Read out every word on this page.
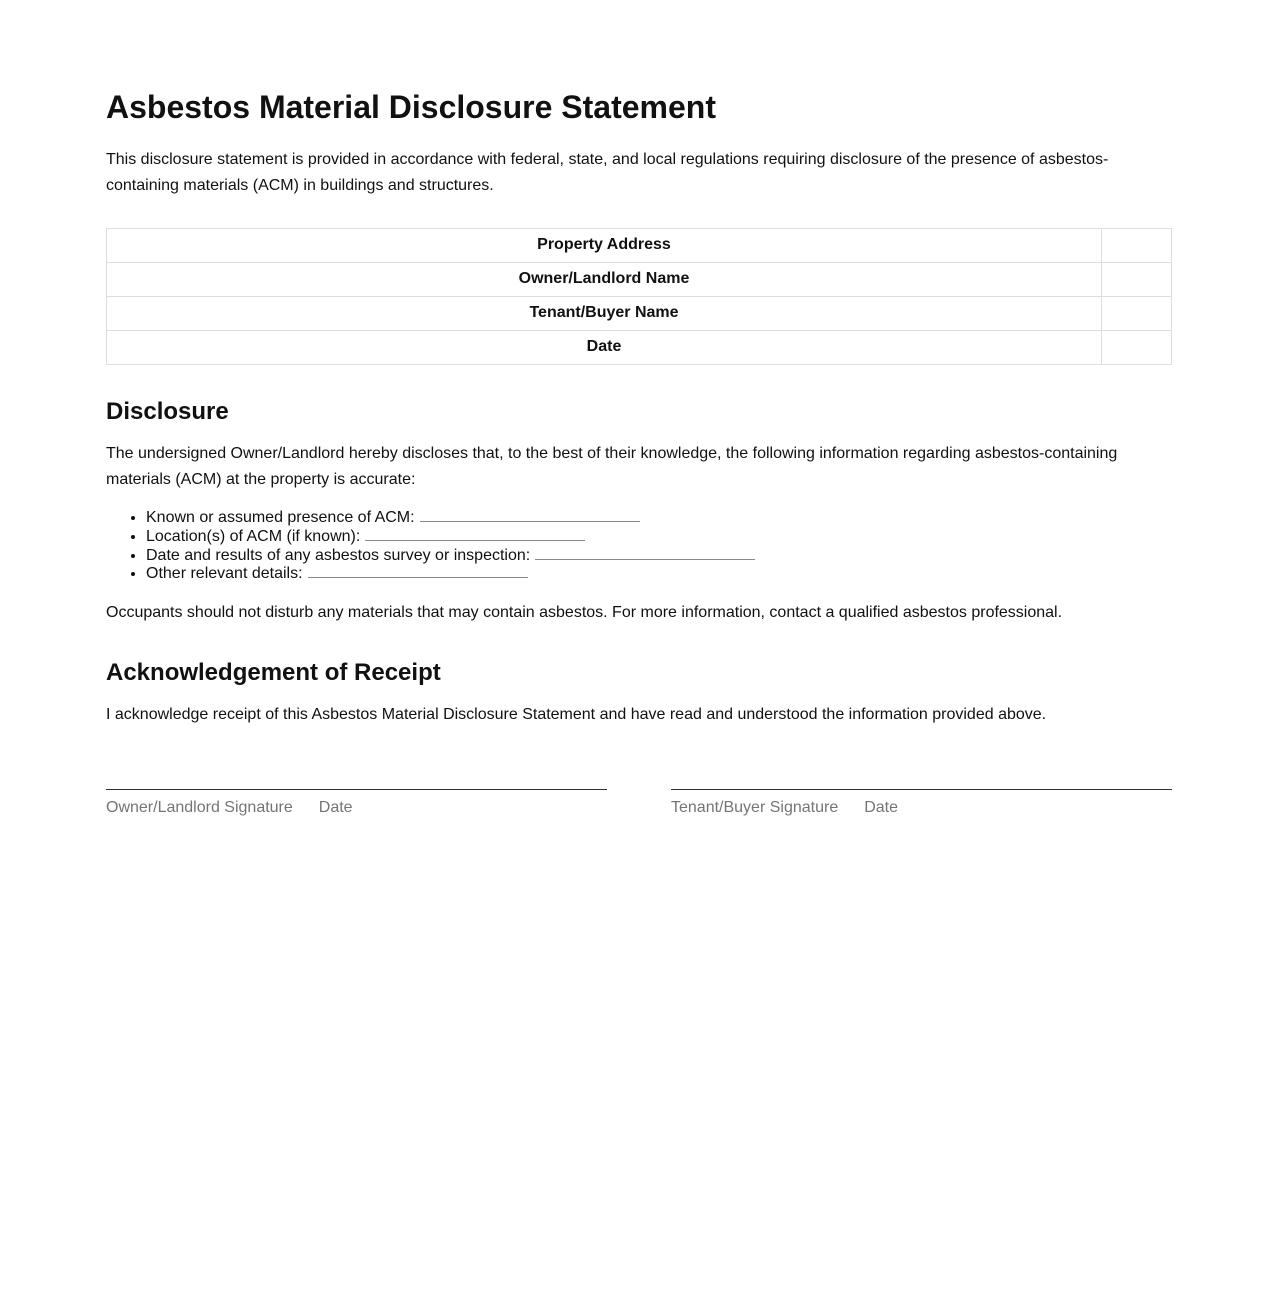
Asbestos Material Disclosure Statement

This disclosure statement is provided in accordance with federal, state, and local regulations requiring disclosure of the presence of asbestos-containing materials (ACM) in buildings and structures.

Property Address	
Owner/Landlord Name	
Tenant/Buyer Name	
Date	
Disclosure

The undersigned Owner/Landlord hereby discloses that, to the best of their knowledge, the following information regarding asbestos-containing materials (ACM) at the property is accurate:

• Known or assumed presence of ACM:
• Location(s) of ACM (if known):
• Date and results of any asbestos survey or inspection:
• Other relevant details:

Occupants should not disturb any materials that may contain asbestos. For more information, contact a qualified asbestos professional.

Acknowledgement of Receipt

I acknowledge receipt of this Asbestos Material Disclosure Statement and have read and understood the information provided above.

Owner/Landlord Signature Date	Tenant/Buyer Signature Date
